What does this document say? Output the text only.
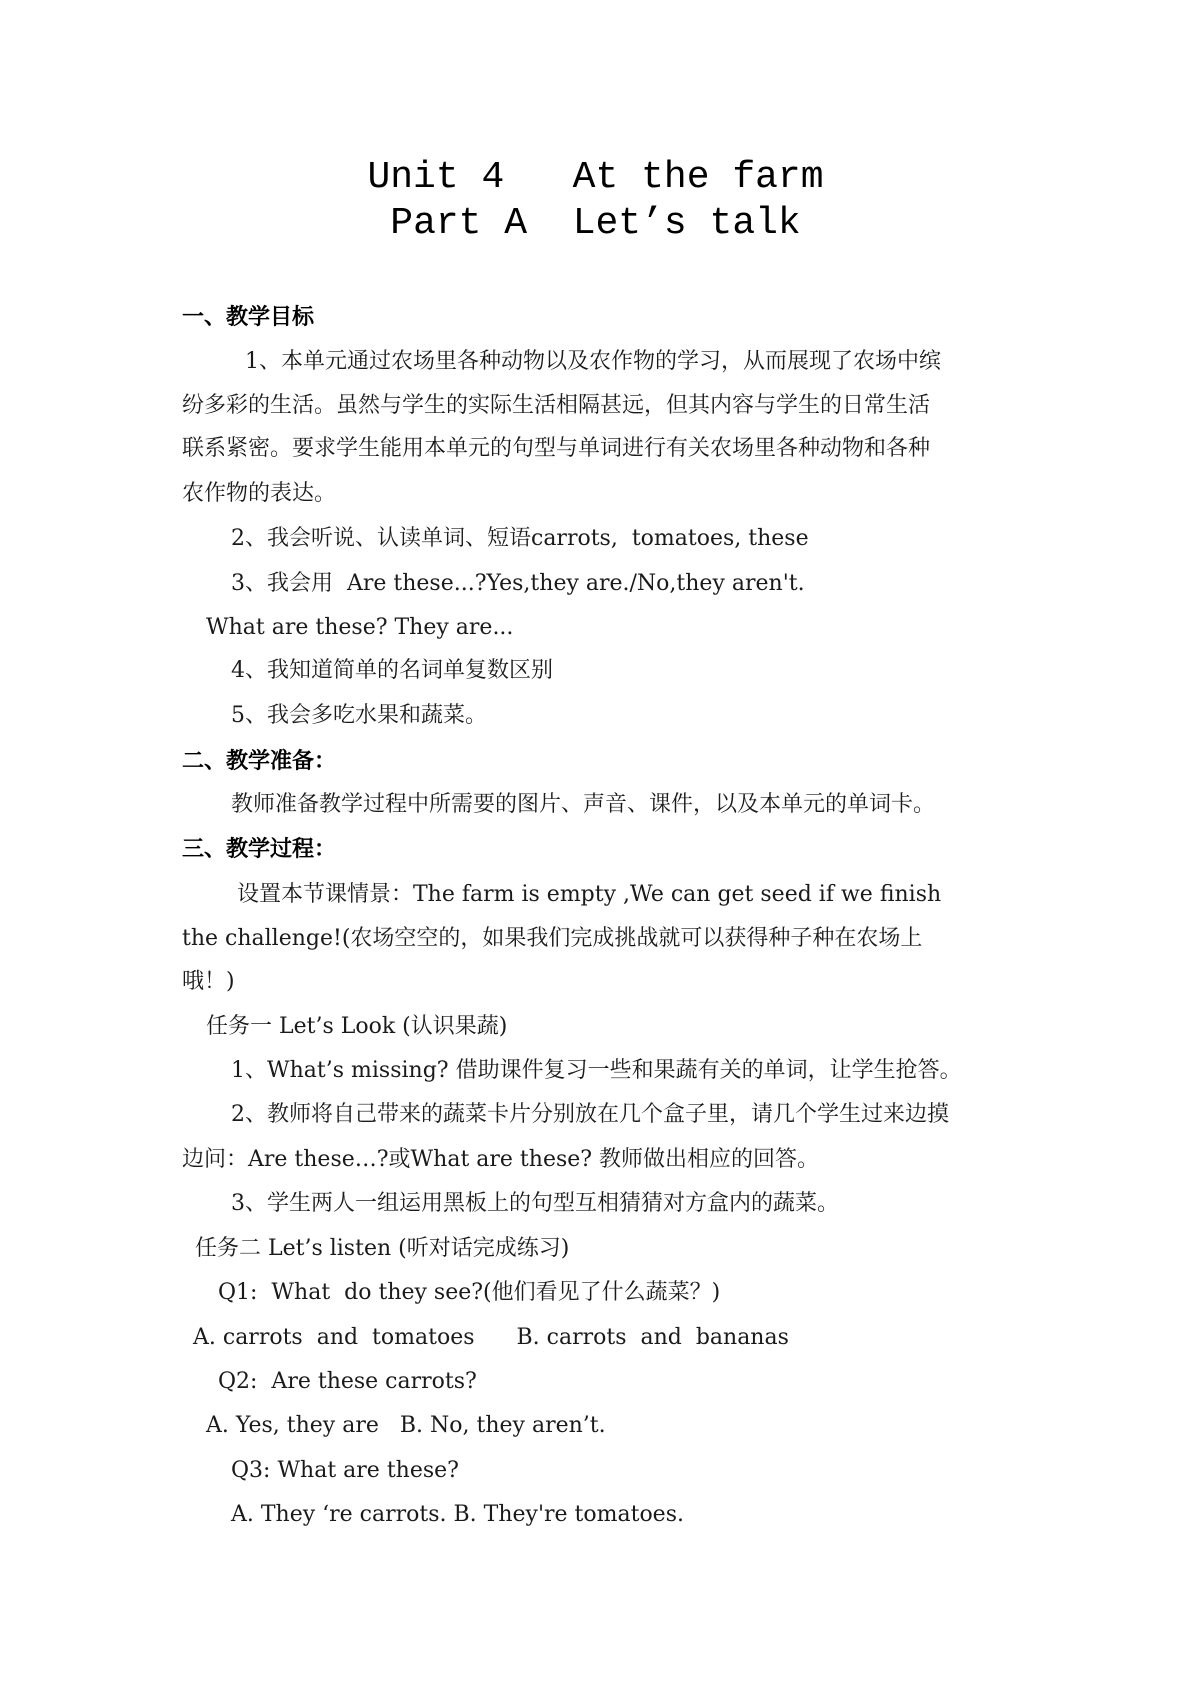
Unit 4   At the farm
Part A  Let’s talk
一、教学目标
1、本单元通过农场里各种动物以及农作物的学习，从而展现了农场中缤
纷多彩的生活。虽然与学生的实际生活相隔甚远，但其内容与学生的日常生活
联系紧密。要求学生能用本单元的句型与单词进行有关农场里各种动物和各种
农作物的表达。
2、我会听说、认读单词、短语carrots,  tomatoes, these
3、我会用  Are these...?Yes,they are./No,they aren't.
What are these? They are...
4、我知道简单的名词单复数区别
5、我会多吃水果和蔬菜。
二、教学准备：
教师准备教学过程中所需要的图片、声音、课件，以及本单元的单词卡。
三、教学过程：
设置本节课情景：The farm is empty ,We can get seed if we finish
the challenge!(农场空空的，如果我们完成挑战就可以获得种子种在农场上
哦！)
任务一 Let’s Look (认识果蔬)
1、What’s missing? 借助课件复习一些和果蔬有关的单词，让学生抢答。
2、教师将自己带来的蔬菜卡片分别放在几个盒子里，请几个学生过来边摸
边问：Are these…?或What are these? 教师做出相应的回答。
3、学生两人一组运用黑板上的句型互相猜猜对方盒内的蔬菜。
任务二 Let’s listen (听对话完成练习)
Q1:  What  do they see?(他们看见了什么蔬菜？)
A. carrots  and  tomatoes      B. carrots  and  bananas
Q2:  Are these carrots?
A. Yes, they are   B. No, they aren’t.
Q3: What are these?
A. They ‘re carrots. B. They're tomatoes.
